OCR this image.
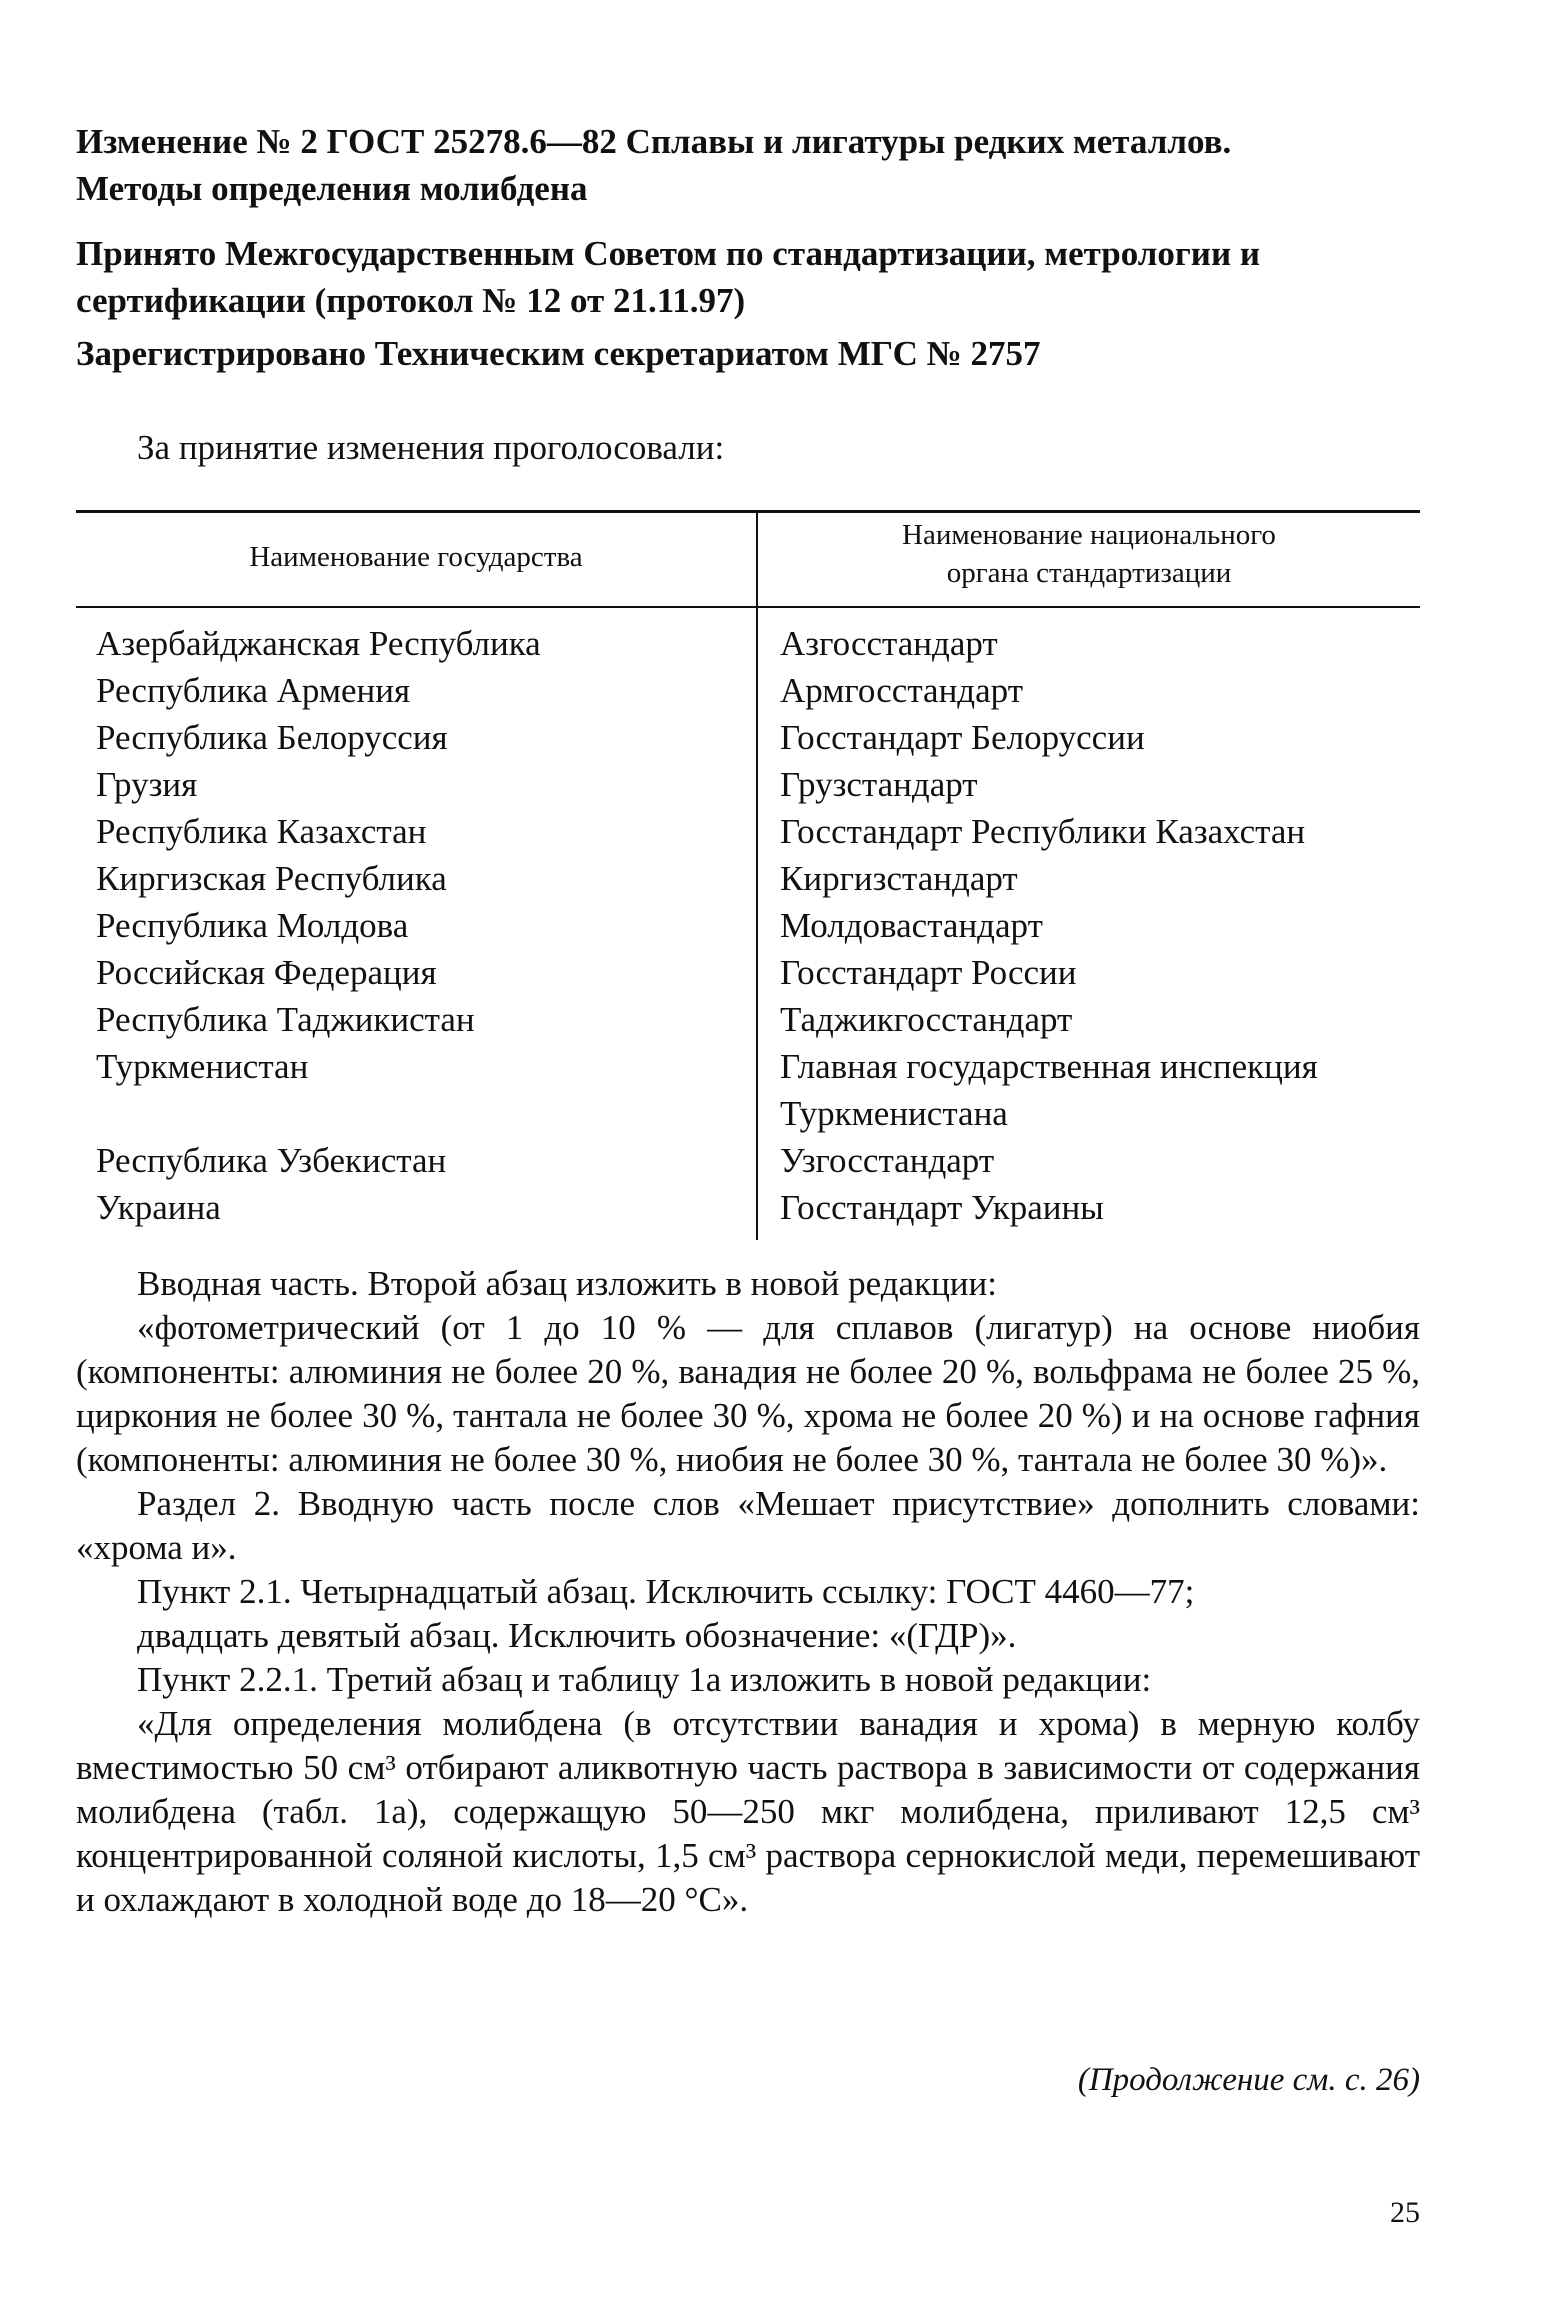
Изменение № 2 ГОСТ 25278.6—82 Сплавы и лигатуры редких металлов.
Методы определения молибдена
Принято Межгосударственным Советом по стандартизации, метрологии и
сертификации (протокол № 12 от 21.11.97)
Зарегистрировано Техническим секретариатом МГС № 2757
За принятие изменения проголосовали:
Наименование государства
Наименование национального
органа стандартизации
Азербайджанская Республика
Республика Армения
Республика Белоруссия
Грузия
Республика Казахстан
Киргизская Республика
Республика Молдова
Российская Федерация
Республика Таджикистан
Туркменистан

Республика Узбекистан
Украина
Азгосстандарт
Армгосстандарт
Госстандарт Белоруссии
Грузстандарт
Госстандарт Республики Казахстан
Киргизстандарт
Молдовастандарт
Госстандарт России
Таджикгосстандарт
Главная государственная инспекция
Туркменистана
Узгосстандарт
Госстандарт Украины

Вводная часть. Второй абзац изложить в новой редакции:

«фотометрический (от 1 до 10 % — для сплавов (лигатур) на основе ниобия (компоненты: алюминия не более 20 %, ванадия не более 20 %, вольфрама не более 25 %, циркония не более 30 %, тантала не более 30 %, хрома не более 20 %) и на основе гафния (компоненты: алюминия не более 30 %, ниобия не более 30 %, тантала не более 30 %)».

Раздел 2. Вводную часть после слов «Мешает присутствие» дополнить словами: «хрома и».

Пункт 2.1. Четырнадцатый абзац. Исключить ссылку: ГОСТ 4460—77;

двадцать девятый абзац. Исключить обозначение: «(ГДР)».

Пункт 2.2.1. Третий абзац и таблицу 1а изложить в новой редакции:

«Для определения молибдена (в отсутствии ванадия и хрома) в мерную колбу вместимостью 50 см³ отбирают аликвотную часть раствора в зависимости от содержания молибдена (табл. 1а), содержащую 50—250 мкг молибдена, приливают 12,5 см³ концентрированной соляной кислоты, 1,5 см³ раствора сернокислой меди, перемешивают и охлаждают в холодной воде до 18—20 °С».

(Продолжение см. с. 26)
25
